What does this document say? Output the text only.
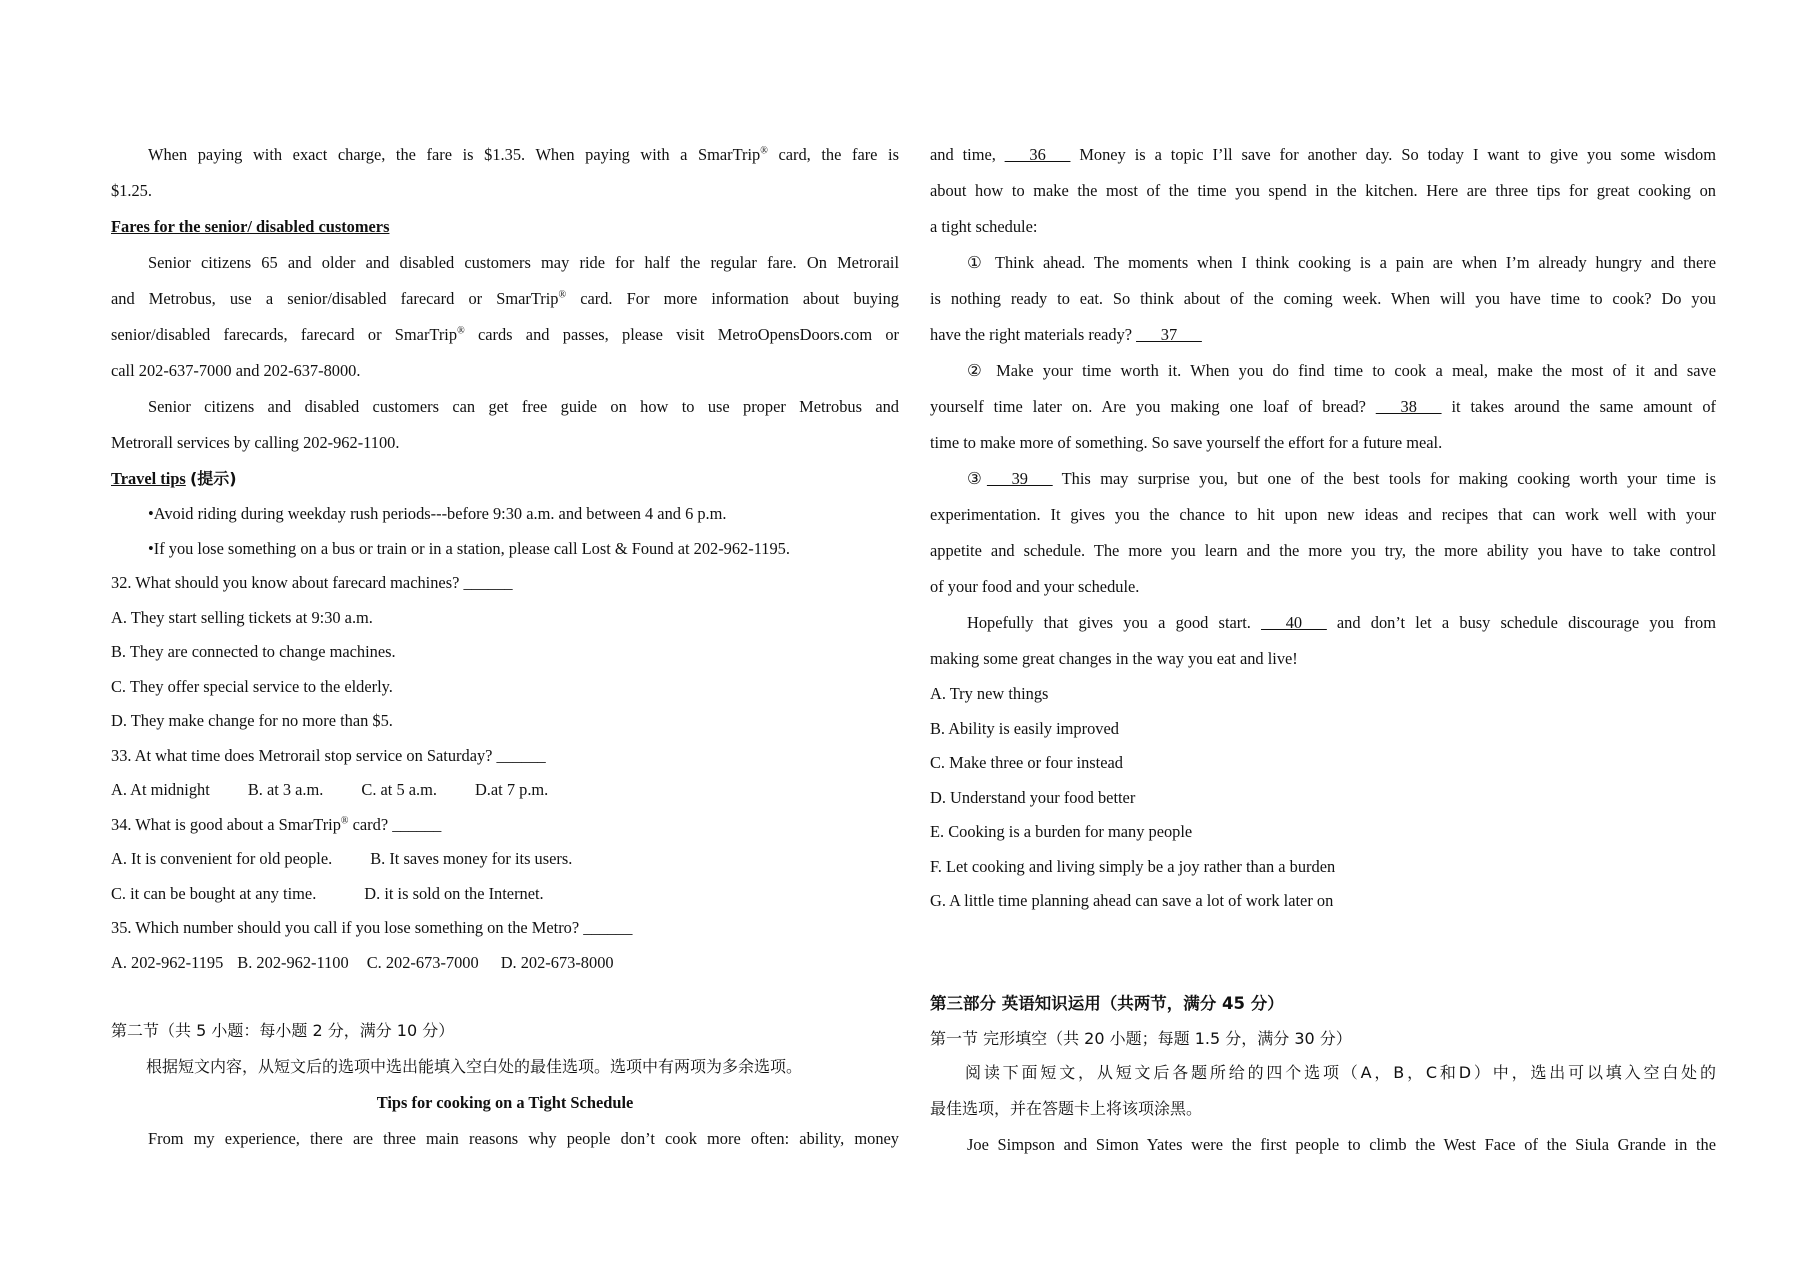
When paying with exact charge, the fare is $1.35. When paying with a SmarTrip® card, the fare is
$1.25.
Fares for the senior/ disabled customers
Senior citizens 65 and older and disabled customers may ride for half the regular fare. On Metrorail
and Metrobus, use a senior/disabled farecard or SmarTrip® card. For more information about buying
senior/disabled farecards, farecard or SmarTrip® cards and passes, please visit MetroOpensDoors.com or
call 202-637-7000 and 202-637-8000.
Senior citizens and disabled customers can get free guide on how to use proper Metrobus and
Metrorall services by calling 202-962-1100.
Travel tips (提示)
•Avoid riding during weekday rush periods---before 9:30 a.m. and between 4 and 6 p.m.
•If you lose something on a bus or train or in a station, please call Lost & Found at 202-962-1195.
32. What should you know about farecard machines? ______
A. They start selling tickets at 9:30 a.m.
B. They are connected to change machines.
C. They offer special service to the elderly.
D. They make change for no more than $5.
33. At what time does Metrorail stop service on Saturday? ______
A. At midnight B. at 3 a.m. C. at 5 a.m. D.at 7 p.m.
34. What is good about a SmarTrip® card? ______
A. It is convenient for old people. B. It saves money for its users.
C. it can be bought at any time.	D. it is sold on the Internet.
35. Which number should you call if you lose something on the Metro? ______
A. 202-962-1195 B. 202-962-1100 C. 202-673-7000 D. 202-673-8000
第二节（共 5 小题：每小题 2 分，满分 10 分）
根据短文内容，从短文后的选项中选出能填入空白处的最佳选项。选项中有两项为多余选项。
Tips for cooking on a Tight Schedule
From my experience, there are three main reasons why people don’t cook more often: ability, money
and time, ___36___ Money is a topic I’ll save for another day. So today I want to give you some wisdom
about how to make the most of the time you spend in the kitchen. Here are three tips for great cooking on
a tight schedule:
① Think ahead. The moments when I think cooking is a pain are when I’m already hungry and there
is nothing ready to eat. So think about of the coming week. When will you have time to cook? Do you
have the right materials ready? ___37___
② Make your time worth it. When you do find time to cook a meal, make the most of it and save
yourself time later on. Are you making one loaf of bread? ___38___ it takes around the same amount of
time to make more of something. So save yourself the effort for a future meal.
③___39___ This may surprise you, but one of the best tools for making cooking worth your time is
experimentation. It gives you the chance to hit upon new ideas and recipes that can work well with your
appetite and schedule. The more you learn and the more you try, the more ability you have to take control
of your food and your schedule.
Hopefully that gives you a good start. ___40___ and don’t let a busy schedule discourage you from
making some great changes in the way you eat and live!
A. Try new things
B. Ability is easily improved
C. Make three or four instead
D. Understand your food better
E. Cooking is a burden for many people
F. Let cooking and living simply be a joy rather than a burden
G. A little time planning ahead can save a lot of work later on
第三部分 英语知识运用（共两节，满分 45 分）
第一节 完形填空（共 20 小题；每题 1.5 分，满分 30 分）
阅读下面短文，从短文后各题所给的四个选项（A，B，C和D）中，选出可以填入空白处的
最佳选项，并在答题卡上将该项涂黑。
Joe Simpson and Simon Yates were the first people to climb the West Face of the Siula Grande in the
